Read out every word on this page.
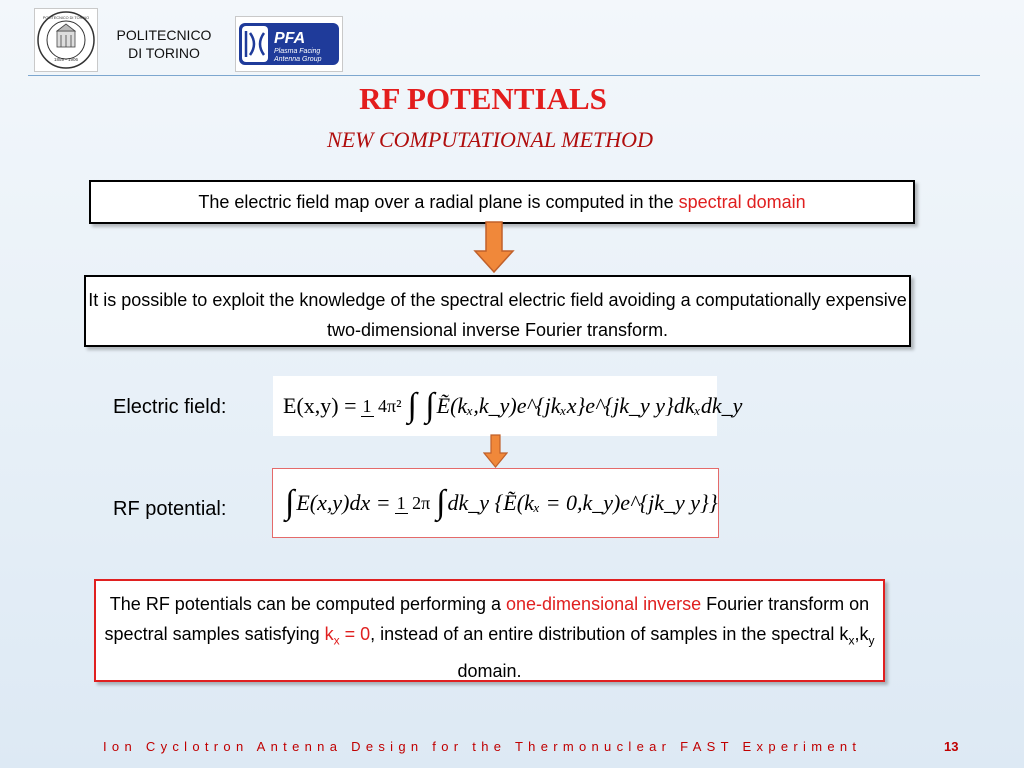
1859 - 1906
POLITECNICO DI TORINO
POLITECNICO
DI TORINO
PFA
Plasma Facing
Antenna Group
RF POTENTIALS
NEW COMPUTATIONAL METHOD
The electric field map over a radial plane is computed in the spectral domain
It is possible to exploit the knowledge of the spectral electric field avoiding a computationally expensive two-dimensional inverse Fourier transform.
Electric field:
RF potential:
E(x,y) = 1 4π² ∫ ∫ Ẽ(kₓ,k_y)e^{jkₓx}e^{jk_y y}dkₓdk_y
∫ E(x,y)dx = 1 2π ∫ dk_y {Ẽ(kₓ = 0,k_y)e^{jk_y y}}
The RF potentials can be computed performing a one-dimensional inverse Fourier transform on spectral samples satisfying $k_x = 0$, instead of an entire distribution of samples in the spectral $k_x,k_y$ domain.
Ion Cyclotron Antenna Design for the Thermonuclear FAST Experiment	13
